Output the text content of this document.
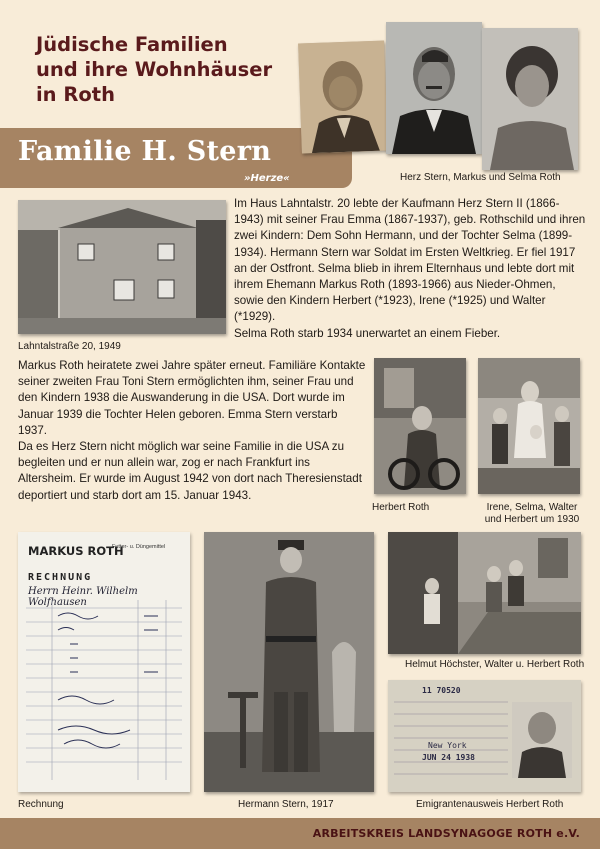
Jüdische Familien
und ihre Wohnhäuser
in Roth
Familie H. Stern
»Herze«	Herz Stern, Markus und Selma Roth
Lahntalstraße 20, 1949

Im Haus Lahntalstr. 20 lebte der Kaufmann Herz Stern II (1866-1943) mit seiner Frau Emma (1867-1937), geb. Rothschild und ihren zwei Kindern: Dem Sohn Hermann, und der Tochter Selma (1899-1934). Hermann Stern war Soldat im Ersten Weltkrieg. Er fiel 1917 an der Ostfront. Selma blieb in ihrem Elternhaus und lebte dort mit ihrem Ehemann Markus Roth (1893-1966) aus Nieder-Ohmen, sowie den Kindern Herbert (*1923), Irene (*1925) und Walter (*1929).

Selma Roth starb 1934 unerwartet an einem Fieber.

Markus Roth heiratete zwei Jahre später erneut. Familiäre Kontakte seiner zweiten Frau Toni Stern ermöglichten ihm, seiner Frau und den Kindern 1938 die Auswanderung in die USA. Dort wurde im Januar 1939 die Tochter Helen geboren. Emma Stern verstarb 1937.

Da es Herz Stern nicht möglich war seine Familie in die USA zu begleiten und er nun allein war, zog er nach Frankfurt ins Altersheim. Er wurde im August 1942 von dort nach Theresienstadt deportiert und starb dort am 15. Januar 1943.

Herbert Roth	Irene, Selma, Walter
und Herbert um 1930
MARKUS ROTH
Futter- u. Düngemittel
RECHNUNG
Herrn Heinr. Wilhelm Wolfhausen
Rechnung	Hermann Stern, 1917
Helmut Höchster, Walter u. Herbert Roth
11 70520
New York
JUN 24 1938
Emigrantenausweis Herbert Roth
ARBEITSKREIS LANDSYNAGOGE ROTH e.V.
